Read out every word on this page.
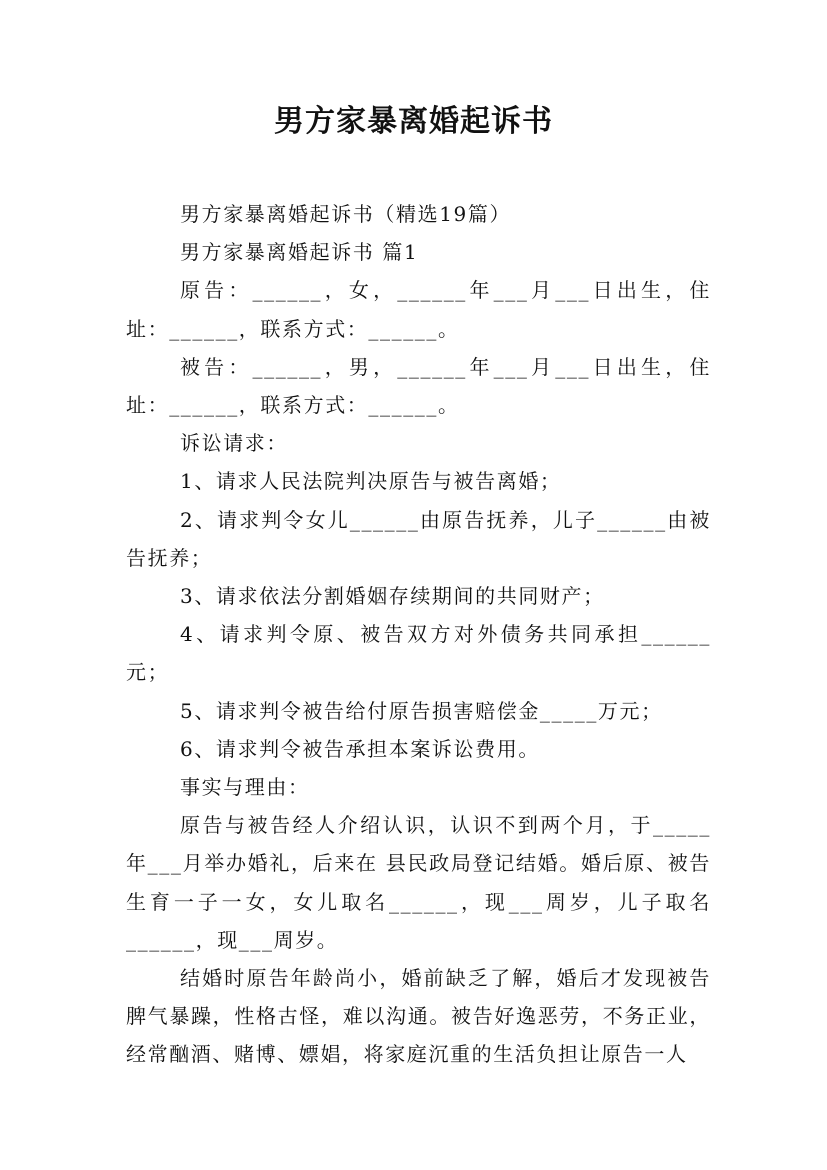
男方家暴离婚起诉书

男方家暴离婚起诉书（精选19篇）

男方家暴离婚起诉书 篇1

原告：______，女，______年___月___日出生，住址：______，联系方式：______。

被告：______，男，______年___月___日出生，住址：______，联系方式：______。

诉讼请求：

1、请求人民法院判决原告与被告离婚；

2、请求判令女儿______由原告抚养，儿子______由被告抚养；

3、请求依法分割婚姻存续期间的共同财产；

4、请求判令原、被告双方对外债务共同承担______元；

5、请求判令被告给付原告损害赔偿金_____万元；

6、请求判令被告承担本案诉讼费用。

事实与理由：

原告与被告经人介绍认识，认识不到两个月，于_____年___月举办婚礼，后来在 县民政局登记结婚。婚后原、被告生育一子一女，女儿取名______，现___周岁，儿子取名______，现___周岁。

结婚时原告年龄尚小，婚前缺乏了解，婚后才发现被告脾气暴躁，性格古怪，难以沟通。被告好逸恶劳，不务正业，经常酗酒、赌博、嫖娼，将家庭沉重的生活负担让原告一人
